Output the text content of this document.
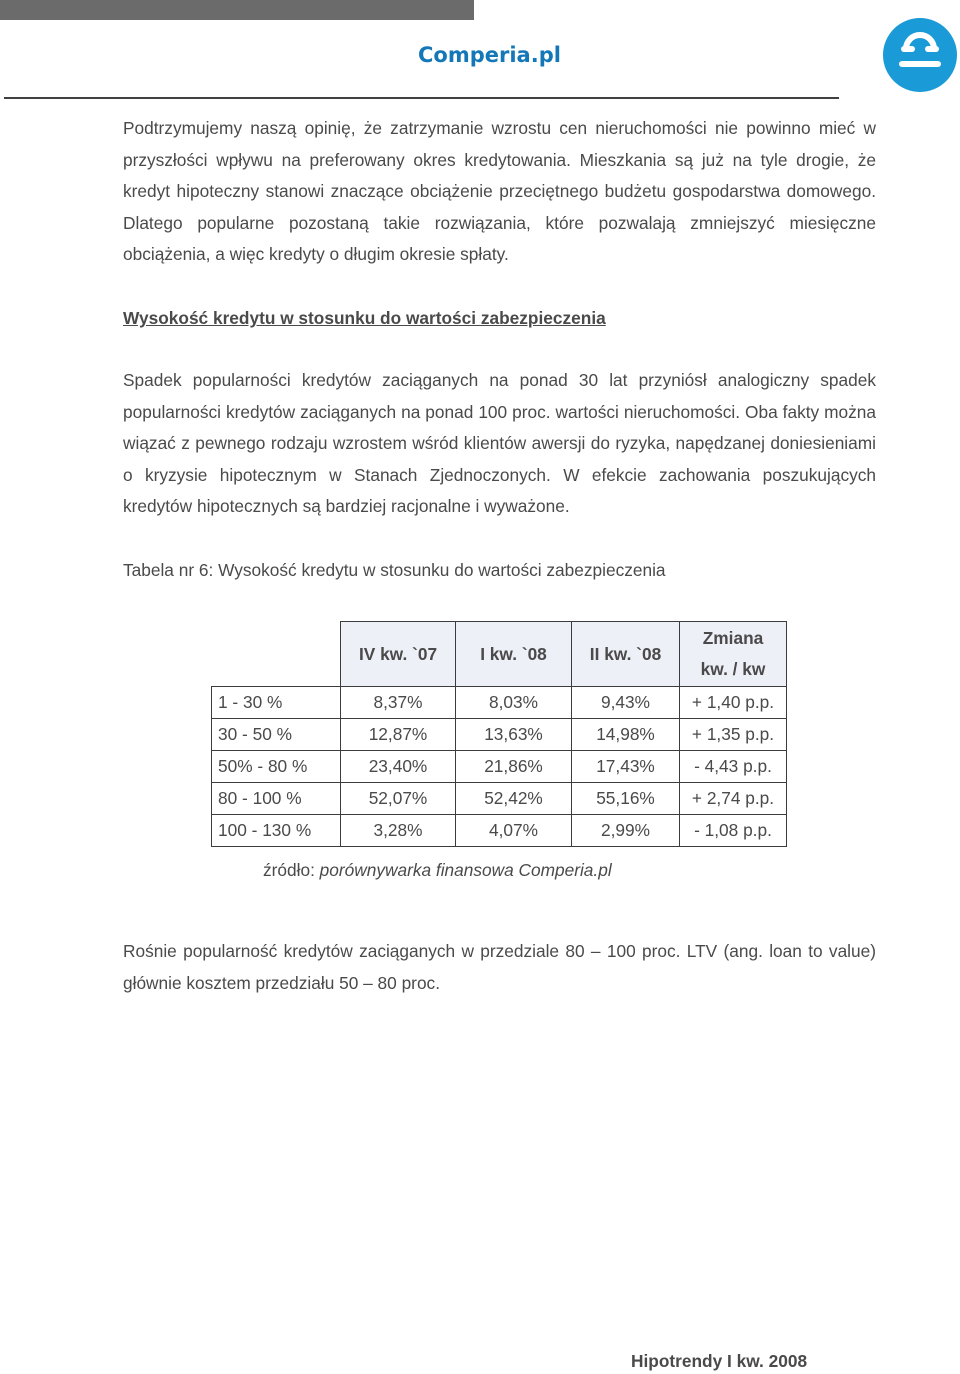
Comperia.pl

Podtrzymujemy naszą opinię, że zatrzymanie wzrostu cen nieruchomości nie powinno mieć w przyszłości wpływu na preferowany okres kredytowania. Mieszkania są już na tyle drogie, że kredyt hipoteczny stanowi znaczące obciążenie przeciętnego budżetu gospodarstwa domowego. Dlatego popularne pozostaną takie rozwiązania, które pozwalają zmniejszyć miesięczne obciążenia, a więc kredyty o długim okresie spłaty.

Wysokość kredytu w stosunku do wartości zabezpieczenia

Spadek popularności kredytów zaciąganych na ponad 30 lat przyniósł analogiczny spadek popularności kredytów zaciąganych na ponad 100 proc. wartości nieruchomości. Oba fakty można wiązać z pewnego rodzaju wzrostem wśród klientów awersji do ryzyka, napędzanej doniesieniami o kryzysie hipotecznym w Stanach Zjednoczonych. W efekcie zachowania poszukujących kredytów hipotecznych są bardziej racjonalne i wyważone.

Tabela nr 6: Wysokość kredytu w stosunku do wartości zabezpieczenia

	IV kw. `07	I kw. `08	II kw. `08	Zmiana
kw. / kw
1 - 30 %	8,37%	8,03%	9,43%	+ 1,40 p.p.
30 - 50 %	12,87%	13,63%	14,98%	+ 1,35 p.p.
50% - 80 %	23,40%	21,86%	17,43%	- 4,43 p.p.
80 - 100 %	52,07%	52,42%	55,16%	+ 2,74 p.p.
100 - 130 %	3,28%	4,07%	2,99%	- 1,08 p.p.

źródło: porównywarka finansowa Comperia.pl

Rośnie popularność kredytów zaciąganych w przedziale 80 – 100 proc. LTV (ang. loan to value) głównie kosztem przedziału 50 – 80 proc.

Hipotrendy I kw. 2008
